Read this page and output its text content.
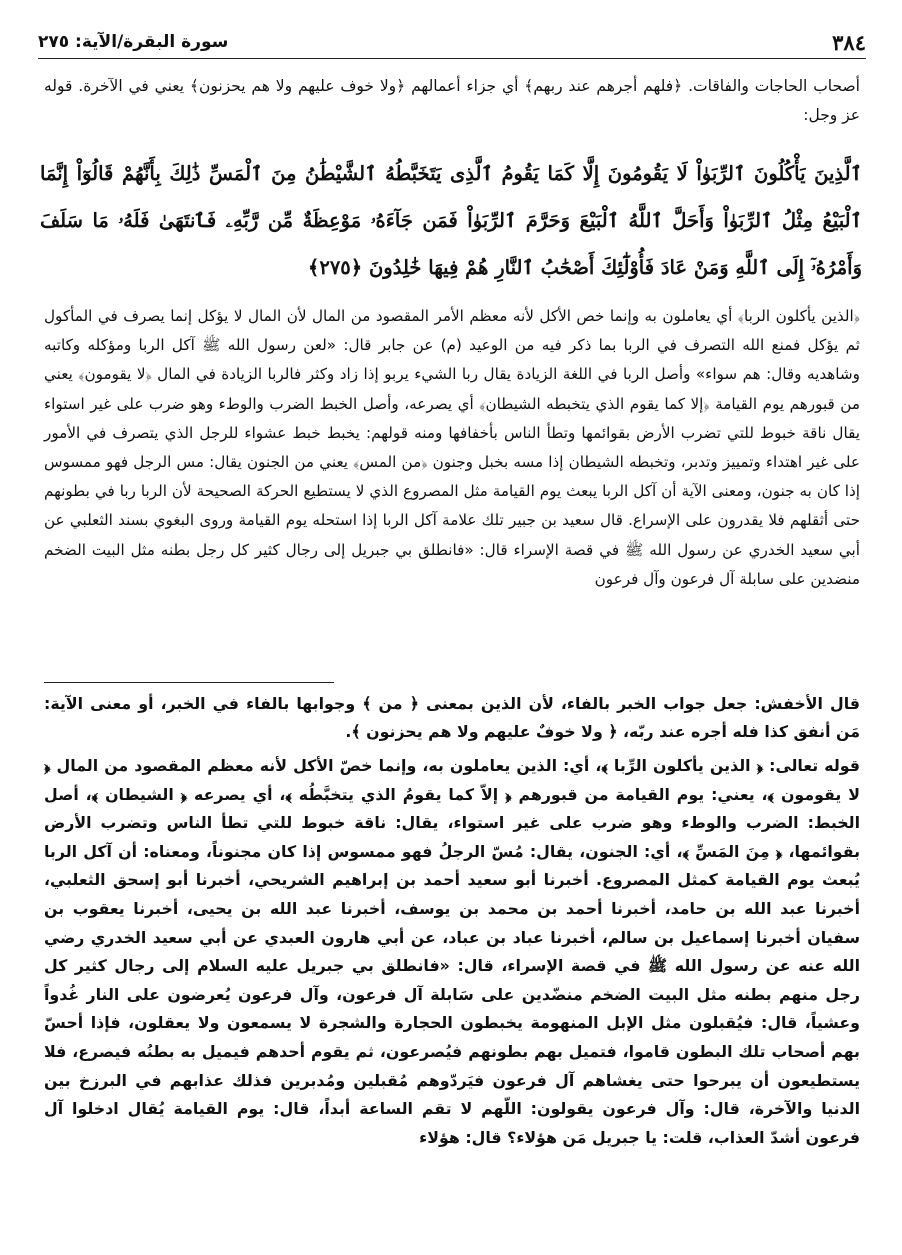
٣٨٤
سورة البقرة/الآية: ٢٧٥

أصحاب الحاجات والفاقات. ﴿فلهم أجرهم عند ربهم﴾ أي جزاء أعمالهم ﴿ولا خوف عليهم ولا هم يحزنون﴾ يعني في الآخرة. قوله عز وجل:

ٱلَّذِينَ يَأْكُلُونَ ٱلرِّبَوٰاْ لَا يَقُومُونَ إِلَّا كَمَا يَقُومُ ٱلَّذِى يَتَخَبَّطُهُ ٱلشَّيْطَٰنُ مِنَ ٱلْمَسِّ ذَٰلِكَ بِأَنَّهُمْ قَالُوٓاْ إِنَّمَا ٱلْبَيْعُ مِثْلُ ٱلرِّبَوٰاْ وَأَحَلَّ ٱللَّهُ ٱلْبَيْعَ وَحَرَّمَ ٱلرِّبَوٰاْ فَمَن جَآءَهُۥ مَوْعِظَةٌ مِّن رَّبِّهِۦ فَٱنتَهَىٰ فَلَهُۥ مَا سَلَفَ وَأَمْرُهُۥٓ إِلَى ٱللَّهِ وَمَنْ عَادَ فَأُوْلَٰٓئِكَ أَصْحَٰبُ ٱلنَّارِ هُمْ فِيهَا خَٰلِدُونَ ﴿٢٧٥﴾

﴿الذين يأكلون الربا﴾ أي يعاملون به وإنما خص الأكل لأنه معظم الأمر المقصود من المال لأن المال لا يؤكل إنما يصرف في المأكول ثم يؤكل فمنع الله التصرف في الربا بما ذكر فيه من الوعيد (م) عن جابر قال: «لعن رسول الله ﷺ آكل الربا ومؤكله وكاتبه وشاهديه وقال: هم سواء» وأصل الربا في اللغة الزيادة يقال ربا الشيء يربو إذا زاد وكثر فالربا الزيادة في المال ﴿لا يقومون﴾ يعني من قبورهم يوم القيامة ﴿إلا كما يقوم الذي يتخبطه الشيطان﴾ أي يصرعه، وأصل الخبط الضرب والوطء وهو ضرب على غير استواء يقال ناقة خبوط للتي تضرب الأرض بقوائمها وتطأ الناس بأخفافها ومنه قولهم: يخبط خبط عشواء للرجل الذي يتصرف في الأمور على غير اهتداء وتمييز وتدبر، وتخبطه الشيطان إذا مسه بخبل وجنون ﴿من المس﴾ يعني من الجنون يقال: مس الرجل فهو ممسوس إذا كان به جنون، ومعنى الآية أن آكل الربا يبعث يوم القيامة مثل المصروع الذي لا يستطيع الحركة الصحيحة لأن الربا ربا في بطونهم حتى أثقلهم فلا يقدرون على الإسراع. قال سعيد بن جبير تلك علامة آكل الربا إذا استحله يوم القيامة وروى البغوي بسند الثعلبي عن أبي سعيد الخدري عن رسول الله ﷺ في قصة الإسراء قال: «فانطلق بي جبريل إلى رجال كثير كل رجل بطنه مثل البيت الضخم منضدين على سابلة آل فرعون وآل فرعون

قال الأخفش: جعل جواب الخبر بالفاء، لأن الذين بمعنى ﴿ من ﴾ وجوابها بالفاء في الخبر، أو معنى الآية: مَن أنفق كذا فله أجره عند ربّه، ﴿ ولا خوفٌ عليهم ولا هم يحزنون ﴾.

قوله تعالى: ﴿ الذين يأكلون الرِّبا ﴾، أي: الذين يعاملون به، وإنما خصّ الأكل لأنه معظم المقصود من المال ﴿ لا يقومون ﴾، يعني: يوم القيامة من قبورهم ﴿ إلاّ كما يقومُ الذي يتخبَّطُه ﴾، أي يصرعه ﴿ الشيطان ﴾، أصل الخبط: الضرب والوطء وهو ضرب على غير استواء، يقال: ناقة خبوط للتي تطأ الناس وتضرب الأرض بقوائمها، ﴿ مِنَ المَسِّ ﴾، أي: الجنون، يقال: مُسّ الرجلُ فهو ممسوس إذا كان مجنوناً، ومعناه: أن آكل الربا يُبعث يوم القيامة كمثل المصروع. أخبرنا أبو سعيد أحمد بن إبراهيم الشريحي، أخبرنا أبو إسحق الثعلبي، أخبرنا عبد الله بن حامد، أخبرنا أحمد بن محمد بن يوسف، أخبرنا عبد الله بن يحيى، أخبرنا يعقوب بن سفيان أخبرنا إسماعيل بن سالم، أخبرنا عباد بن عباد، عن أبي هارون العبدي عن أبي سعيد الخدري رضي الله عنه عن رسول الله ﷺ في قصة الإسراء، قال: «فانطلق بي جبريل عليه السلام إلى رجال كثير كل رجل منهم بطنه مثل البيت الضخم منضّدين على سَابلة آل فرعون، وآل فرعون يُعرضون على النار غُدواً وعشياً، قال: فيُقبلون مثل الإبل المنهومة يخبطون الحجارة والشجرة لا يسمعون ولا يعقلون، فإذا أحسّ بهم أصحاب تلك البطون قاموا، فتميل بهم بطونهم فيُصرعون، ثم يقوم أحدهم فيميل به بطنُه فيصرع، فلا يستطيعون أن يبرحوا حتى يغشاهم آل فرعون فيَردّوهم مُقبلين ومُدبرين فذلك عذابهم في البرزخ بين الدنيا والآخرة، قال: وآل فرعون يقولون: اللّهم لا تقم الساعة أبداً، قال: يوم القيامة يُقال ادخلوا آل فرعون أشدّ العذاب، قلت: يا جبريل مَن هؤلاء؟ قال: هؤلاء
